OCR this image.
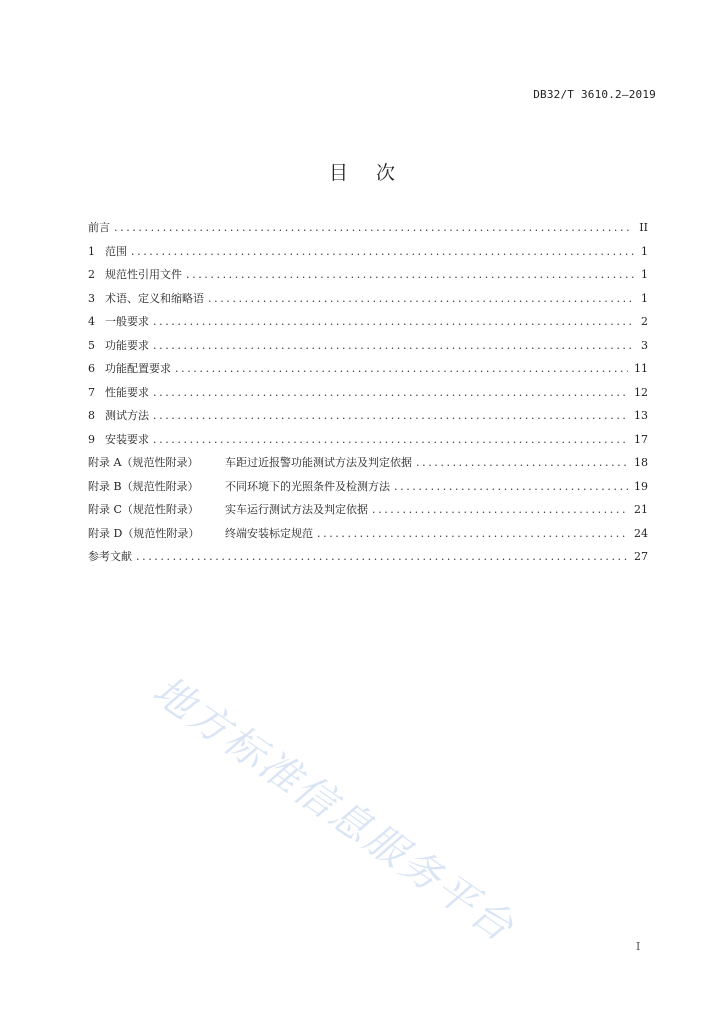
DB32/T 3610.2—2019
目 次
前言 .....	II
1 范围 .....	1
2 规范性引用文件 .....	1
3 术语、定义和缩略语 .....	1
4 一般要求 .....	2
5 功能要求 .....	3
6 功能配置要求 .....	11
7 性能要求 .....	12
8 测试方法 .....	13
9 安装要求 .....	17
附录 A（规范性附录）	车距过近报警功能测试方法及判定依据 .....	18
附录 B（规范性附录）	不同环境下的光照条件及检测方法 .....	19
附录 C（规范性附录）	实车运行测试方法及判定依据 .....	21
附录 D（规范性附录）	终端安装标定规范 .....	24
参考文献 .....	27
地方标准信息服务平台	I
